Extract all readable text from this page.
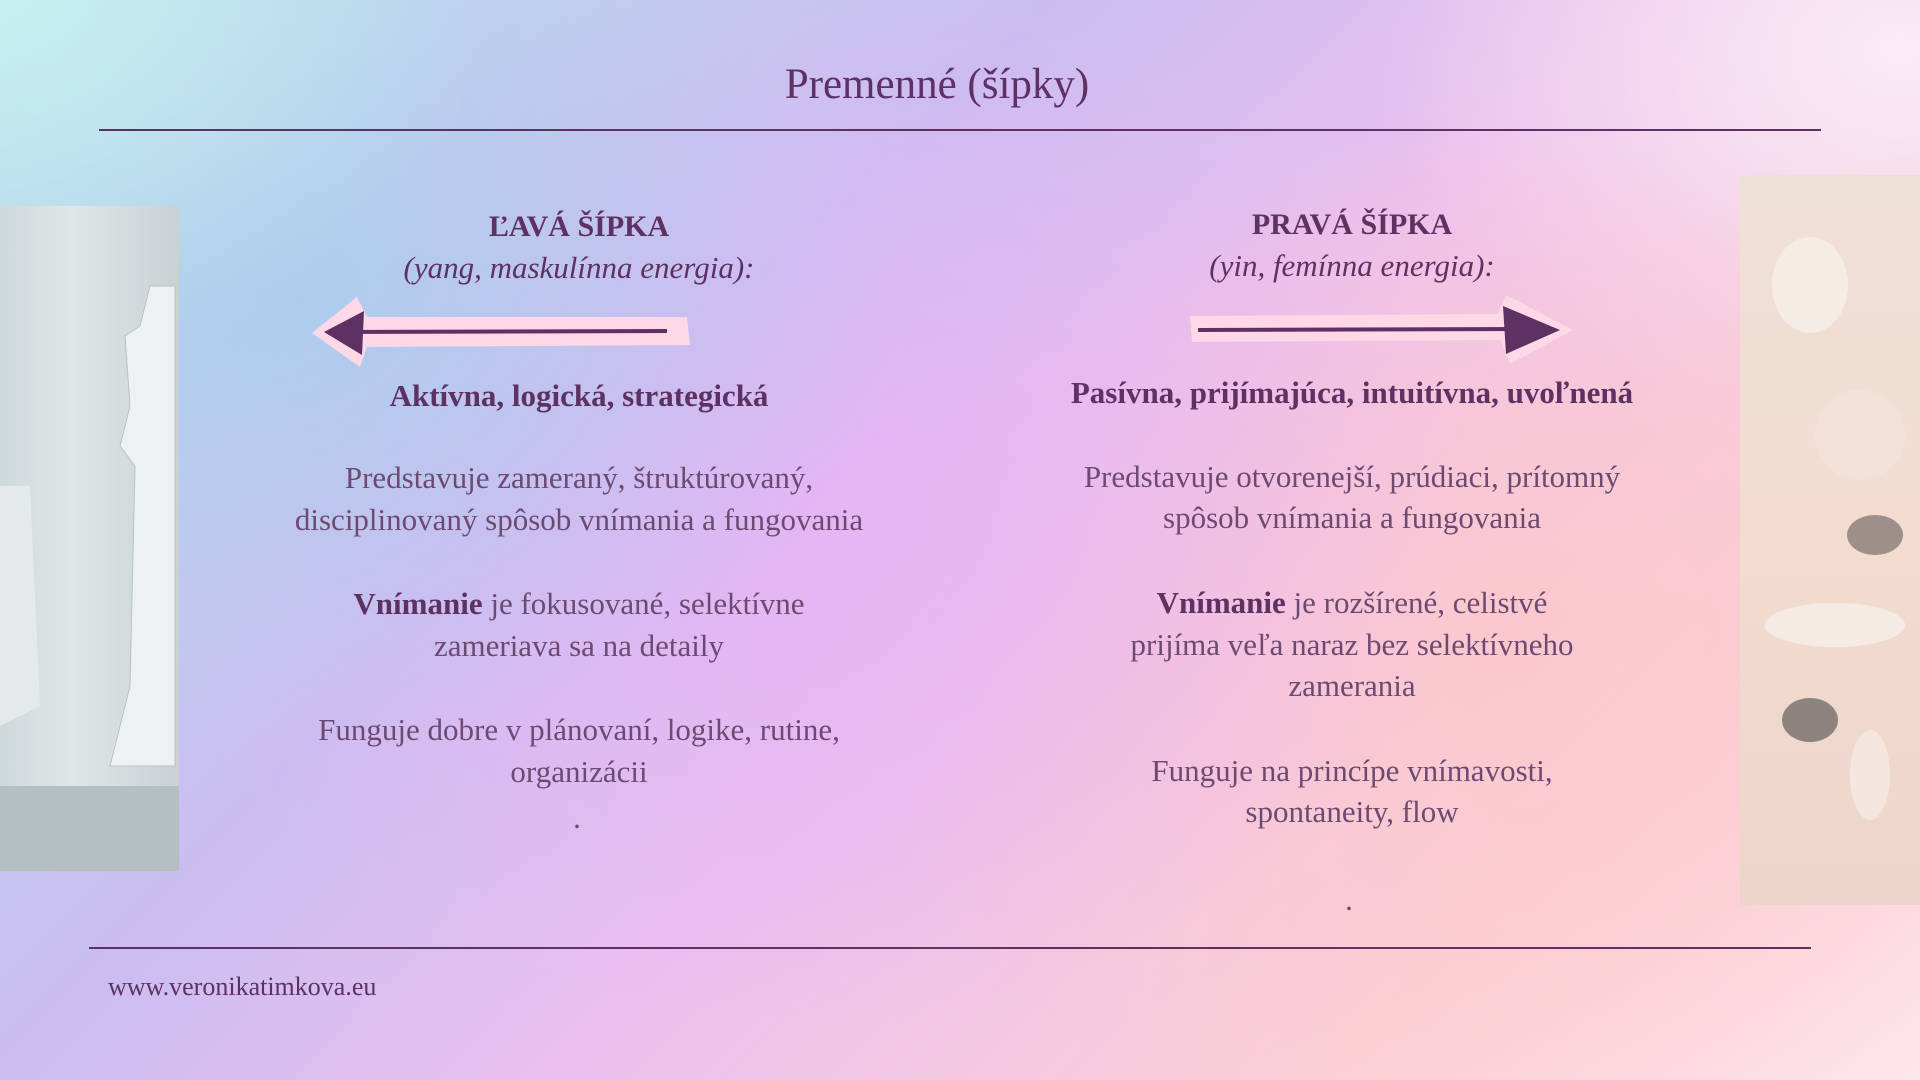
Premenné (šípky)
ĽAVÁ ŠÍPKA
(yang, maskulínna energia):
Aktívna, logická, strategická
Predstavuje zameraný, štruktúrovaný,
disciplinovaný spôsob vnímania a fungovania
Vnímanie je fokusované, selektívne
zameriava sa na detaily
Funguje dobre v plánovaní, logike, rutine,
organizácii
.
PRAVÁ ŠÍPKA
(yin, femínna energia):
Pasívna, prijímajúca, intuitívna, uvoľnená
Predstavuje otvorenejší, prúdiaci, prítomný
spôsob vnímania a fungovania
Vnímanie je rozšírené, celistvé
prijíma veľa naraz bez selektívneho
zamerania
Funguje na princípe vnímavosti,
spontaneity, flow
.
www.veronikatimkova.eu
